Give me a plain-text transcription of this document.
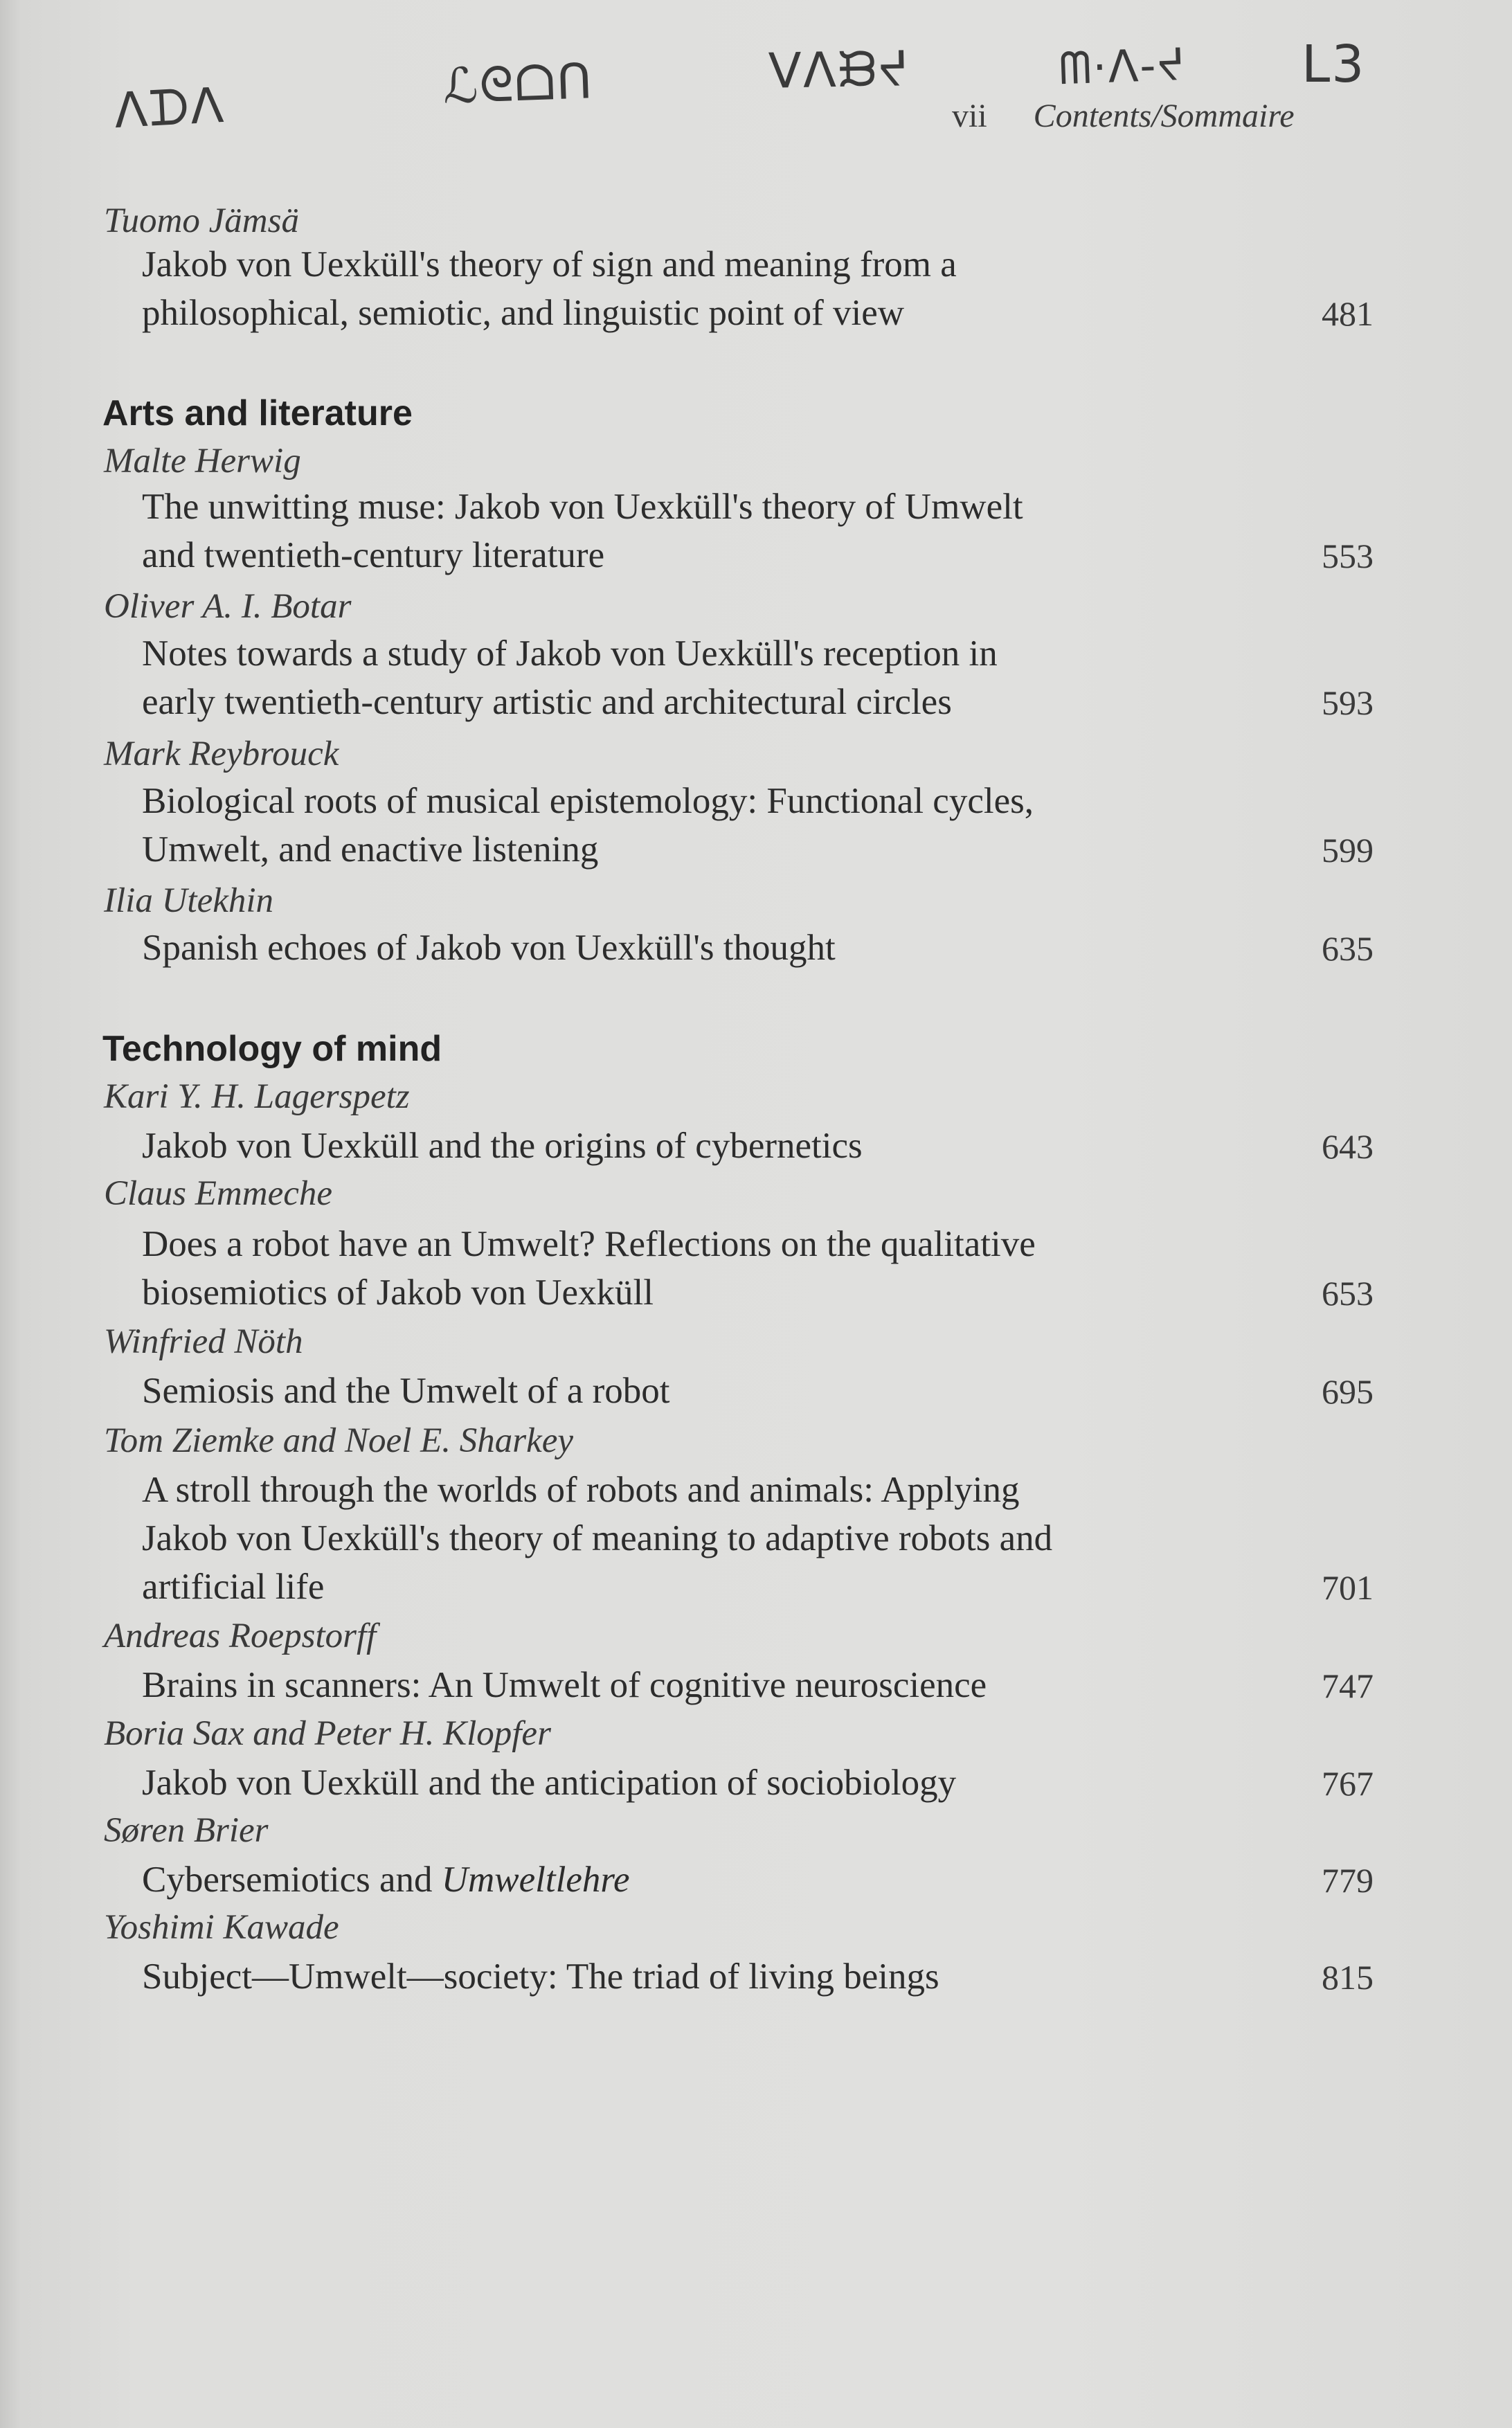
ᐱᗪᐱ	ℒᘓᗝᑎ	ᐯᐱᙖᔪ	ᗰ·ᐱ-ᔪ L3
vii Contents/Sommaire
Tuomo Jämsä
Jakob von Uexküll's theory of sign and meaning from a
philosophical, semiotic, and linguistic point of view	481
Arts and literature
Malte Herwig
The unwitting muse: Jakob von Uexküll's theory of Umwelt
and twentieth-century literature	553
Oliver A. I. Botar
Notes towards a study of Jakob von Uexküll's reception in
early twentieth-century artistic and architectural circles	593
Mark Reybrouck
Biological roots of musical epistemology: Functional cycles,
Umwelt, and enactive listening	599
Ilia Utekhin
Spanish echoes of Jakob von Uexküll's thought	635
Technology of mind
Kari Y. H. Lagerspetz
Jakob von Uexküll and the origins of cybernetics	643
Claus Emmeche
Does a robot have an Umwelt? Reflections on the qualitative
biosemiotics of Jakob von Uexküll	653
Winfried Nöth
Semiosis and the Umwelt of a robot	695
Tom Ziemke and Noel E. Sharkey
A stroll through the worlds of robots and animals: Applying
Jakob von Uexküll's theory of meaning to adaptive robots and
artificial life	701
Andreas Roepstorff
Brains in scanners: An Umwelt of cognitive neuroscience	747
Boria Sax and Peter H. Klopfer
Jakob von Uexküll and the anticipation of sociobiology	767
Søren Brier
Cybersemiotics and Umweltlehre	779
Yoshimi Kawade
Subject—Umwelt—society: The triad of living beings	815
